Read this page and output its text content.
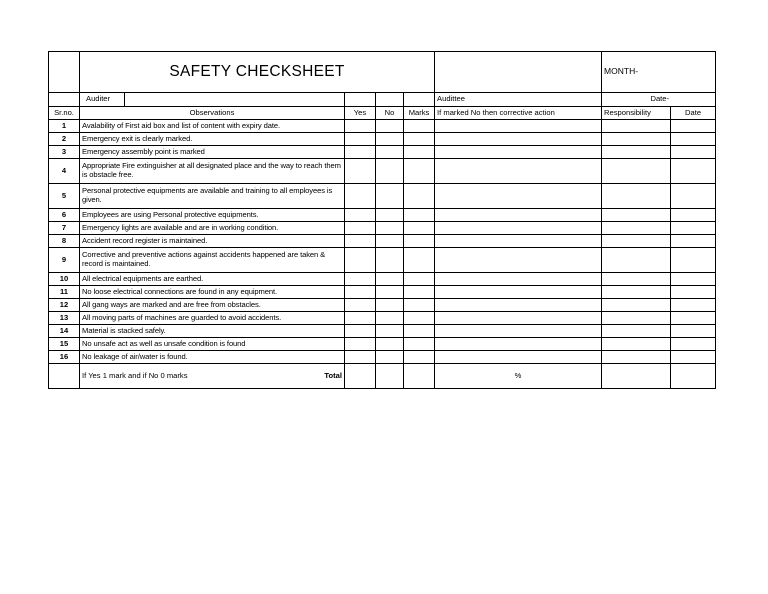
	SAFETY CHECKSHEET						MONTH-	
	Auditer					Audittee	Date-	

Sr.no.	Observations		Yes	No	Marks	If marked No then corrective action	Responsibility	Date
1	Avalability of First aid box and list of content with expiry date.							
2	Emergency exit is clearly marked.							
3	Emergency assembly point is marked							
4	Appropriate Fire extinguisher at all designated place and the way to reach them is obstacle free.							
5	Personal protective equipments are available and training to all employees is given.							
6	Employees are using Personal protective equipments.							
7	Emergency lights are available and are in working condition.							
8	Accident record register is maintained.							
9	Corrective and preventive actions against accidents happened are taken & record is maintained.							
10	All electrical equipments are earthed.							
11	No loose electrical connections are found in any equipment.							
12	All gang ways are marked and are free from obstacles.							
13	All moving parts of machines are guarded to avoid accidents.							
14	Material is stacked safely.							
15	No unsafe act as well as unsafe condition is found							
16	No leakage of air/water is found.							
	If Yes 1 mark and if No 0 marks Total					%		
